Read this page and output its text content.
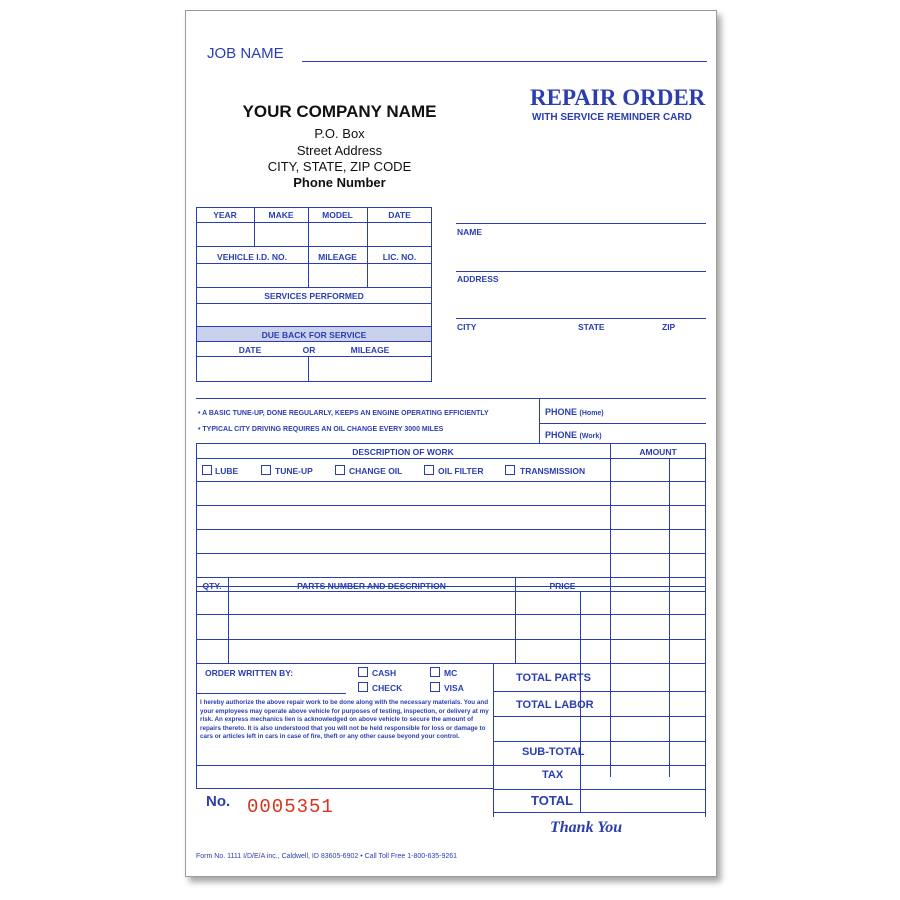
JOB NAME
YOUR COMPANY NAME
P.O. Box
Street Address
CITY, STATE, ZIP CODE
Phone Number
REPAIR ORDER
WITH SERVICE REMINDER CARD
YEAR	MAKE	MODEL	DATE
VEHICLE I.D. NO.	MILEAGE	LIC. NO.
SERVICES PERFORMED
DUE BACK FOR SERVICE
DATE	OR	MILEAGE
NAME
ADDRESS
CITY	STATE	ZIP
• A BASIC TUNE-UP, DONE REGULARLY, KEEPS AN ENGINE OPERATING EFFICIENTLY
• TYPICAL CITY DRIVING REQUIRES AN OIL CHANGE EVERY 3000 MILES
PHONE (Home)
PHONE (Work)
DESCRIPTION OF WORK	AMOUNT
LUBE	TUNE-UP	CHANGE OIL	OIL FILTER	TRANSMISSION
QTY.	PARTS NUMBER AND DESCRIPTION	PRICE
ORDER WRITTEN BY:	CASH	MC
CHECK	VISA
TOTAL PARTS
TOTAL LABOR
SUB-TOTAL
TAX
TOTAL
I hereby authorize the above repair work to be done along with the necessary materials. You and your employees may operate above vehicle for purposes of testing, inspection, or delivery at my risk. An express mechanics lien is acknowledged on above vehicle to secure the amount of repairs thereto. It is also understood that you will not be held responsible for loss or damage to cars or articles left in cars in case of fire, theft or any other cause beyond your control.
No. 0005351
Thank You
Form No. 1111 I/D/E/A inc., Caldwell, ID 83605-6902 • Call Toll Free 1-800-635-9261
